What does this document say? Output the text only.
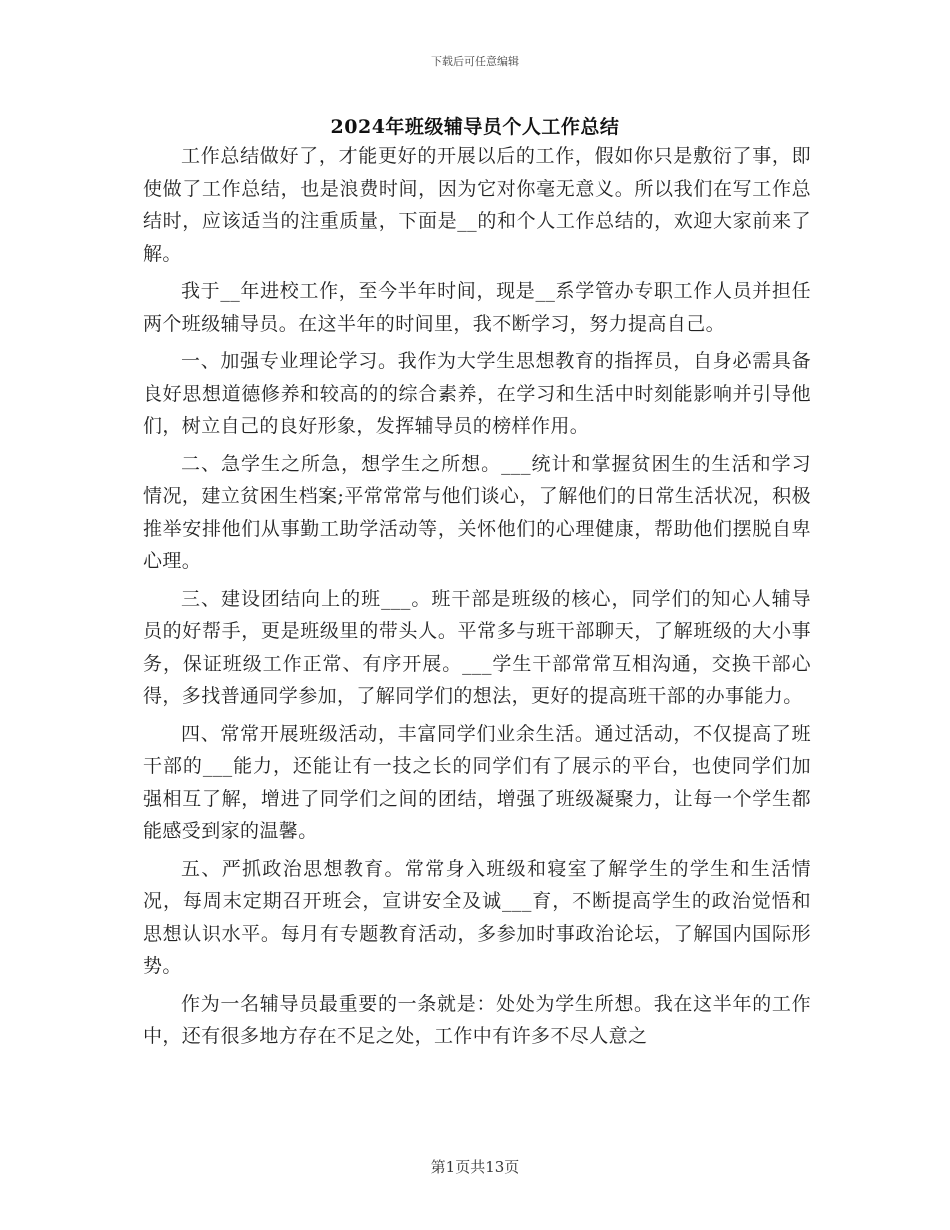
下载后可任意编辑
2024年班级辅导员个人工作总结

工作总结做好了，才能更好的开展以后的工作，假如你只是敷衍了事，即使做了工作总结，也是浪费时间，因为它对你毫无意义。所以我们在写工作总结时，应该适当的注重质量，下面是__的和个人工作总结的，欢迎大家前来了解。

我于__年进校工作，至今半年时间，现是__系学管办专职工作人员并担任两个班级辅导员。在这半年的时间里，我不断学习，努力提高自己。

一、加强专业理论学习。我作为大学生思想教育的指挥员，自身必需具备良好思想道德修养和较高的的综合素养，在学习和生活中时刻能影响并引导他们，树立自己的良好形象，发挥辅导员的榜样作用。

二、急学生之所急，想学生之所想。___统计和掌握贫困生的生活和学习情况，建立贫困生档案;平常常常与他们谈心，了解他们的日常生活状况，积极推举安排他们从事勤工助学活动等，关怀他们的心理健康，帮助他们摆脱自卑心理。

三、建设团结向上的班___。班干部是班级的核心，同学们的知心人辅导员的好帮手，更是班级里的带头人。平常多与班干部聊天，了解班级的大小事务，保证班级工作正常、有序开展。___学生干部常常互相沟通，交换干部心得，多找普通同学参加，了解同学们的想法，更好的提高班干部的办事能力。

四、常常开展班级活动，丰富同学们业余生活。通过活动，不仅提高了班干部的___能力，还能让有一技之长的同学们有了展示的平台，也使同学们加强相互了解，增进了同学们之间的团结，增强了班级凝聚力，让每一个学生都能感受到家的温馨。

五、严抓政治思想教育。常常身入班级和寝室了解学生的学生和生活情况，每周末定期召开班会，宣讲安全及诚___育，不断提高学生的政治觉悟和思想认识水平。每月有专题教育活动，多参加时事政治论坛，了解国内国际形势。

作为一名辅导员最重要的一条就是：处处为学生所想。我在这半年的工作中，还有很多地方存在不足之处，工作中有许多不尽人意之

第1页共13页
